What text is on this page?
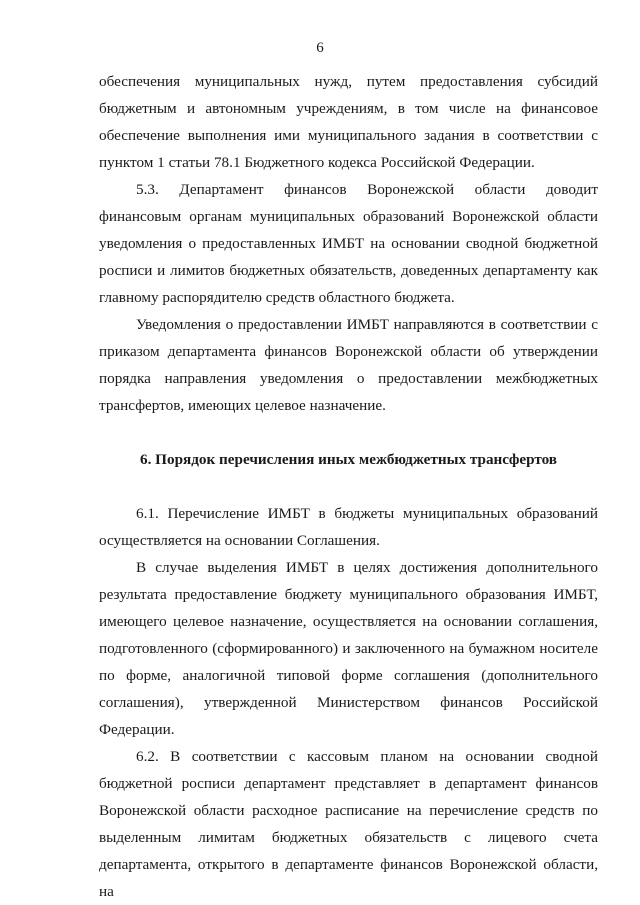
6

обеспечения муниципальных нужд, путем предоставления субсидий бюджетным и автономным учреждениям, в том числе на финансовое обеспечение выполнения ими муниципального задания в соответствии с пунктом 1 статьи 78.1 Бюджетного кодекса Российской Федерации.

5.3. Департамент финансов Воронежской области доводит финансовым органам муниципальных образований Воронежской области уведомления о предоставленных ИМБТ на основании сводной бюджетной росписи и лимитов бюджетных обязательств, доведенных департаменту как главному распорядителю средств областного бюджета.

Уведомления о предоставлении ИМБТ направляются в соответствии с приказом департамента финансов Воронежской области об утверждении порядка направления уведомления о предоставлении межбюджетных трансфертов, имеющих целевое назначение.

6. Порядок перечисления иных межбюджетных трансфертов

6.1. Перечисление ИМБТ в бюджеты муниципальных образований осуществляется на основании Соглашения.

В случае выделения ИМБТ в целях достижения дополнительного результата предоставление бюджету муниципального образования ИМБТ, имеющего целевое назначение, осуществляется на основании соглашения, подготовленного (сформированного) и заключенного на бумажном носителе по форме, аналогичной типовой форме соглашения (дополнительного соглашения), утвержденной Министерством финансов Российской Федерации.

6.2. В соответствии с кассовым планом на основании сводной бюджетной росписи департамент представляет в департамент финансов Воронежской области расходное расписание на перечисление средств по выделенным лимитам бюджетных обязательств с лицевого счета департамента, открытого в департаменте финансов Воронежской области, на
